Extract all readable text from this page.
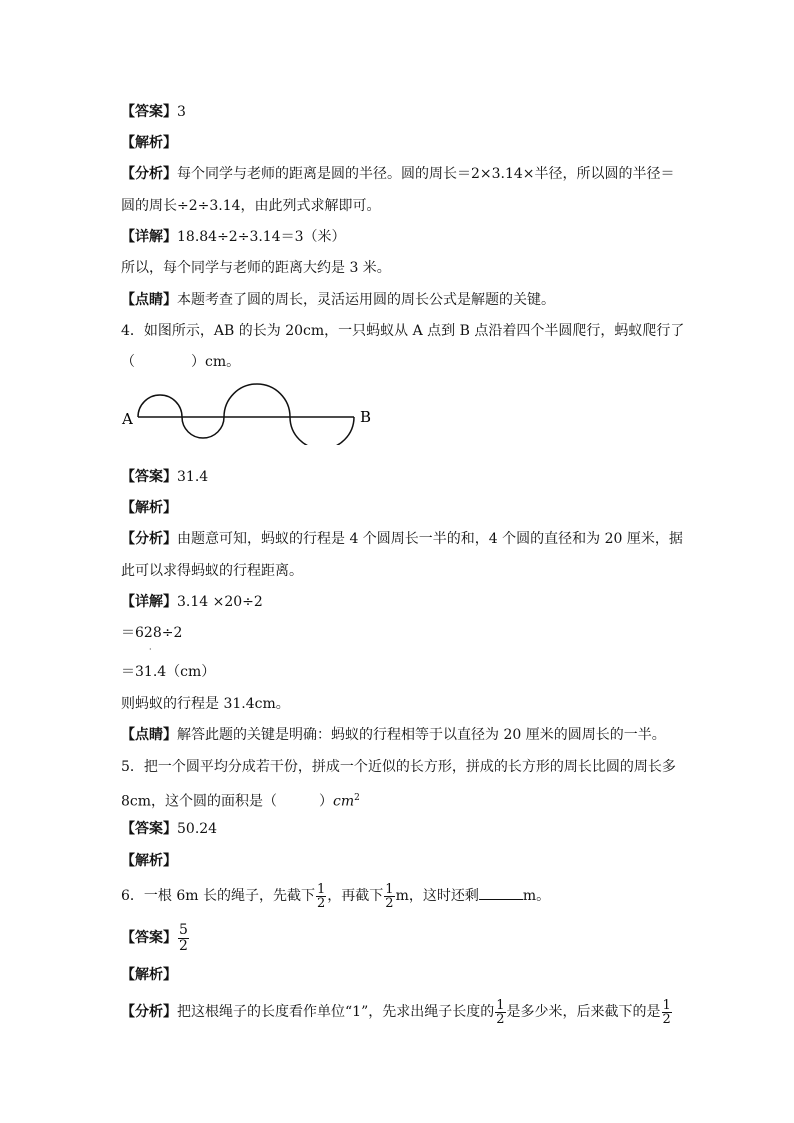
【答案】3
【解析】
【分析】每个同学与老师的距离是圆的半径。圆的周长＝2×3.14×半径，所以圆的半径＝
圆的周长÷2÷3.14，由此列式求解即可。
【详解】18.84÷2÷3.14＝3（米）
所以，每个同学与老师的距离大约是 3 米。
【点睛】本题考查了圆的周长，灵活运用圆的周长公式是解题的关键。
4．如图所示，AB 的长为 20cm，一只蚂蚁从 A 点到 B 点沿着四个半圆爬行，蚂蚁爬行了
（　　　　）cm。
A	B
【答案】31.4
【解析】
【分析】由题意可知，蚂蚁的行程是 4 个圆周长一半的和，4 个圆的直径和为 20 厘米，据
此可以求得蚂蚁的行程距离。
【详解】3.14 ×20÷2
＝628÷2
·
＝31.4（cm）
则蚂蚁的行程是 31.4cm。
【点睛】解答此题的关键是明确：蚂蚁的行程相等于以直径为 20 厘米的圆周长的一半。
5．把一个圆平均分成若干份，拼成一个近似的长方形，拼成的长方形的周长比圆的周长多
8cm，这个圆的面积是（　　　）$cm^2$
【答案】50.24
【解析】
6．一根 6m 长的绳子，先截下 $\frac{1}{2}$ ，再截下 $\frac{1}{2}$ m，这时还剩	m。
【答案】 $\frac{5}{2}$
【解析】
【分析】把这根绳子的长度看作单位“1”，先求出绳子长度的 $\frac{1}{2}$ 是多少米，后来截下的是 $\frac{1}{2}$
